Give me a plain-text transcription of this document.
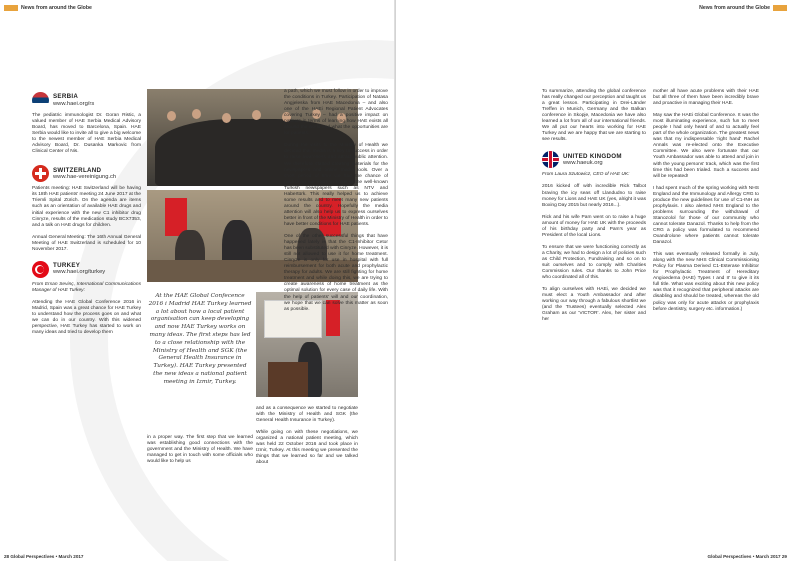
News from around the Globe
SERBIA
www.haei.org/rs

The pediatric immunologist Dr. Goran Ristic, a valued member of HAE Serbia Medical Advisory Board, has moved to Barcelona, Spain. HAE Serbia would like to invite all to give a big welcome to the newest member of HAE Serbia Medical Advisory Board, Dr. Dusanka Markovic from Clinical Center of Nis.

SWITZERLAND
www.hae-vereinigung.ch

Patients meeting: HAE Switzerland will be having its 18th HAE patients' meeting 24 June 2017 at the Triemli Spital Zürich. On the agenda are items such as an orientation of available HAE drugs and initial experience with the new C1 inhibitor drug Cinryze, results of the medication study BCX7353, and a talk on HAE drugs for children.

Annual General Meeting: The 16th Annual General Meeting of HAE Switzerland is scheduled for 10 November 2017.

TURKEY
www.haei.org/turkey

From Ersan Sevinç, International Communications Manager of HAE Turkey:

Attending the HAE Global Conference 2016 in Madrid, Spain was a great chance for HAE Turkey to understand how the process goes on and what we can do in our country. With this widened perspective, HAE Turkey has started to work on many ideas and tried to develop them

At the HAE Global Confecence 2016 i Madrid HAE Turkey learned a lot about how a local patient organisation can keep developing and now HAE Turkey works on many ideas. The first steps has led to a close relationship with the Ministry of Health and SGK (the General Health Insurance in Turkey). HAE Turkey presented the new ideas a national patient meeting in Izmir, Turkey.

in a proper way. The first step that we learned was establishing good connections with the government and the Ministry of Health. We have managed to get in touch with some officials who would like to help us

and as a consequence we started to negotiate with the Ministry of Health and SGK (the General Health Insurance in Turkey).

While going on with these negotiations, we organized a national patient meeting, which was held 22 October 2016 and took place in Izmir, Turkey. At this meeting we presented the things that we learned so far and we talked about

28 Global Perspectives • March 2017
News from around the Globe

To summarize, attending the global conference has really changed our perception and taught us a great lesson. Participating in Drei-Länder Treffen in Munich, Germany and the Balkan conference in Skopje, Macedonia we have also learned a lot from all of our international friends. We all put our hearts into working for HAE Turkey and we are happy that we are starting to see results.

UNITED KINGDOM
www.haeuk.org

From Laura Szutowicz, CEO of HAE UK:

2016 kicked off with incredible Rick Talbot braving the icy seas off Llandudno to raise money for Lions and HAE UK (yes, alright it was Boxing Day 2015 but nearly 2016...).

Rick and his wife Pam went on to raise a huge amount of money for HAE UK with the proceeds of his birthday party and Pam's year as President of the local Lions.

To ensure that we were functioning correctly as a Charity, we had to design a lot of policies such as Child Protection, Fundraising and so on to suit ourselves and to comply with Charities Commission rules. Our thanks to John Price who coordinated all of this.

To align ourselves with HAEi, we decided we must elect a Youth Ambassador and after working our way through a fabulous shortlist we (and the Trustees) eventually selected Alex Graham as our 'VICTOR'. Alex, her sister and her

mother all have acute problems with their HAE but all three of them have been incredibly brave and proactive in managing their HAE.

May saw the HAEi Global Conference. It was the most illuminating experience, such fun to meet people I had only heard of and to actually feel part of the whole organization. The greatest news was that my indispensable 'right hand' Rachel Annals was re-elected onto the Executive Committee. We also were fortunate that our Youth Ambassador was able to attend and join in with the young persons' track, which was the first time this had been trialed. Such a success and will be repeated!

I had spent much of the spring working with NHS England and the Immunology and Allergy CRG to produce the new guidelines for use of C1-INH as prophylaxis. I also alerted NHS England to the problems surrounding the withdrawal of Stanozolol for those of our community who cannot tolerate Danazol. Thanks to help from the CRG a policy was formulated to recommend Oxandrolone where patients cannot tolerate Danazol.

This was eventually released formally in July, along with the new NHS Clinical Commissioning Policy for Plasma Derived C1-Esterase Inhibitor for Prophylactic Treatment of Hereditary Angioedema (HAE) Types I and II' to give it its full title. What was exciting about this new policy was that it recognized that peripheral attacks are disabling and should be treated, whereas the old policy was only for acute attacks or prophylaxis before dentistry, surgery etc. information.)

Global Perspectives • March 2017 29

a path, which we must follow in order to improve the conditions in Turkey. Participation of Natasa Angjeleska from HAE Macedonia – and also one of the HAEi Regional Patient Advocates covering Turkey – had a positive impact on patients in terms of learning how HAE exists all around the world and what the opportunities are for patients.

During the visits to the Ministry of Health we decided that media is a key to success in order to raise awareness and attract public attention. We therefore started creating materials for the newspapers and online media tools. Over a short period of time we had the chance of publishing our news in some of the well-known Turkish newspapers such as NTV and Habertürk. This really helped us to achieve some results and to meet many new patients around the country. Hopefully the media attention will also help us to express ourselves better in front of the Ministry of Health in order to have better conditions for HAE patients.

One of the other successful things that have happened lately is that the C1-Inhibitor Cetor has been substituted with Cinryze. However, it is still not allowed to use it for home treatment. Cinryze is only for use in hospital with full reimbursement for both acute and prophylactic therapy for adults. We are still fighting for home treatment and while doing this, we are trying to create awareness of home treatment as the optimal solution for every case of daily life. With the help of patients' will and our coordination, we hope that we can solve this matter as soon as possible.
